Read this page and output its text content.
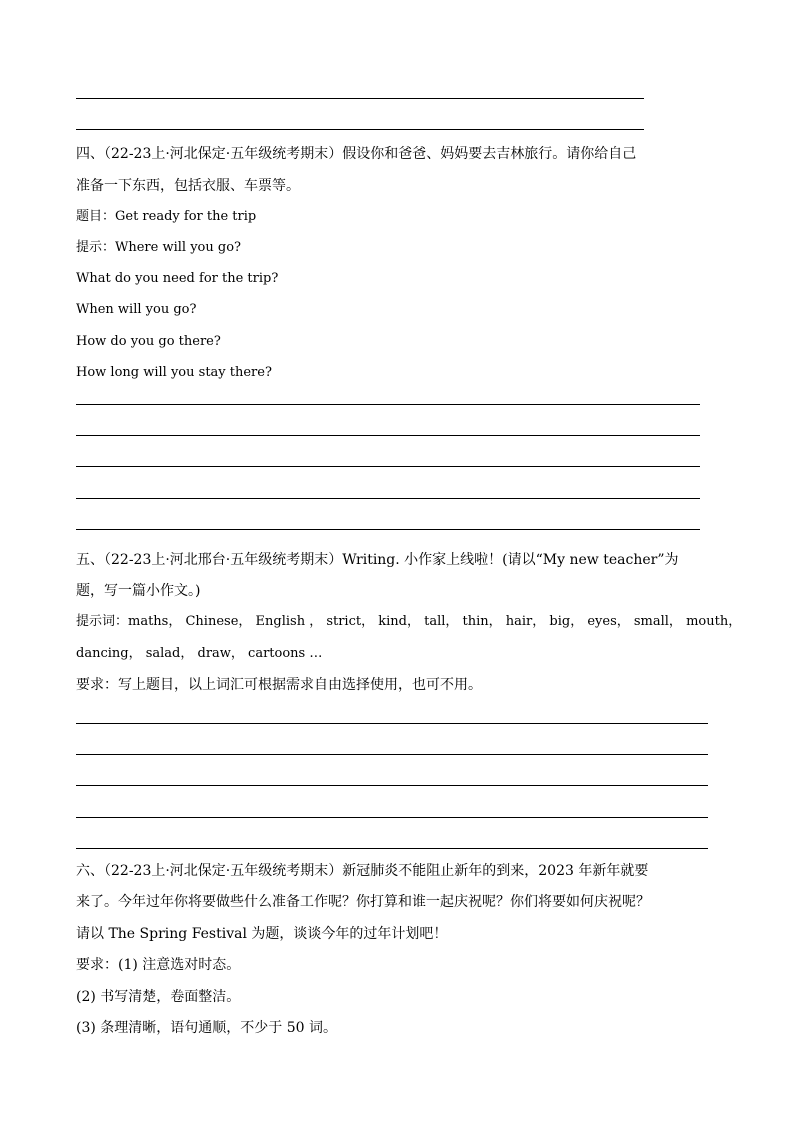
四、（22-23上·河北保定·五年级统考期末）假设你和爸爸、妈妈要去吉林旅行。请你给自己
准备一下东西，包括衣服、车票等。
题目：Get ready for the trip
提示：Where will you go?
What do you need for the trip?
When will you go?
How do you go there?
How long will you stay there?
五、（22-23上·河北邢台·五年级统考期末）Writing. 小作家上线啦！(请以“My new teacher”为
题，写一篇小作文。)
提示词：maths， Chinese， English ， strict， kind， tall， thin， hair， big， eyes， small， mouth，
dancing， salad， draw， cartoons …
要求：写上题目，以上词汇可根据需求自由选择使用，也可不用。
六、（22-23上·河北保定·五年级统考期末）新冠肺炎不能阻止新年的到来，2023 年新年就要
来了。今年过年你将要做些什么准备工作呢？你打算和谁一起庆祝呢？你们将要如何庆祝呢？
请以 The Spring Festival 为题，谈谈今年的过年计划吧！
要求：(1) 注意选对时态。
(2) 书写清楚，卷面整洁。
(3) 条理清晰，语句通顺，不少于 50 词。
